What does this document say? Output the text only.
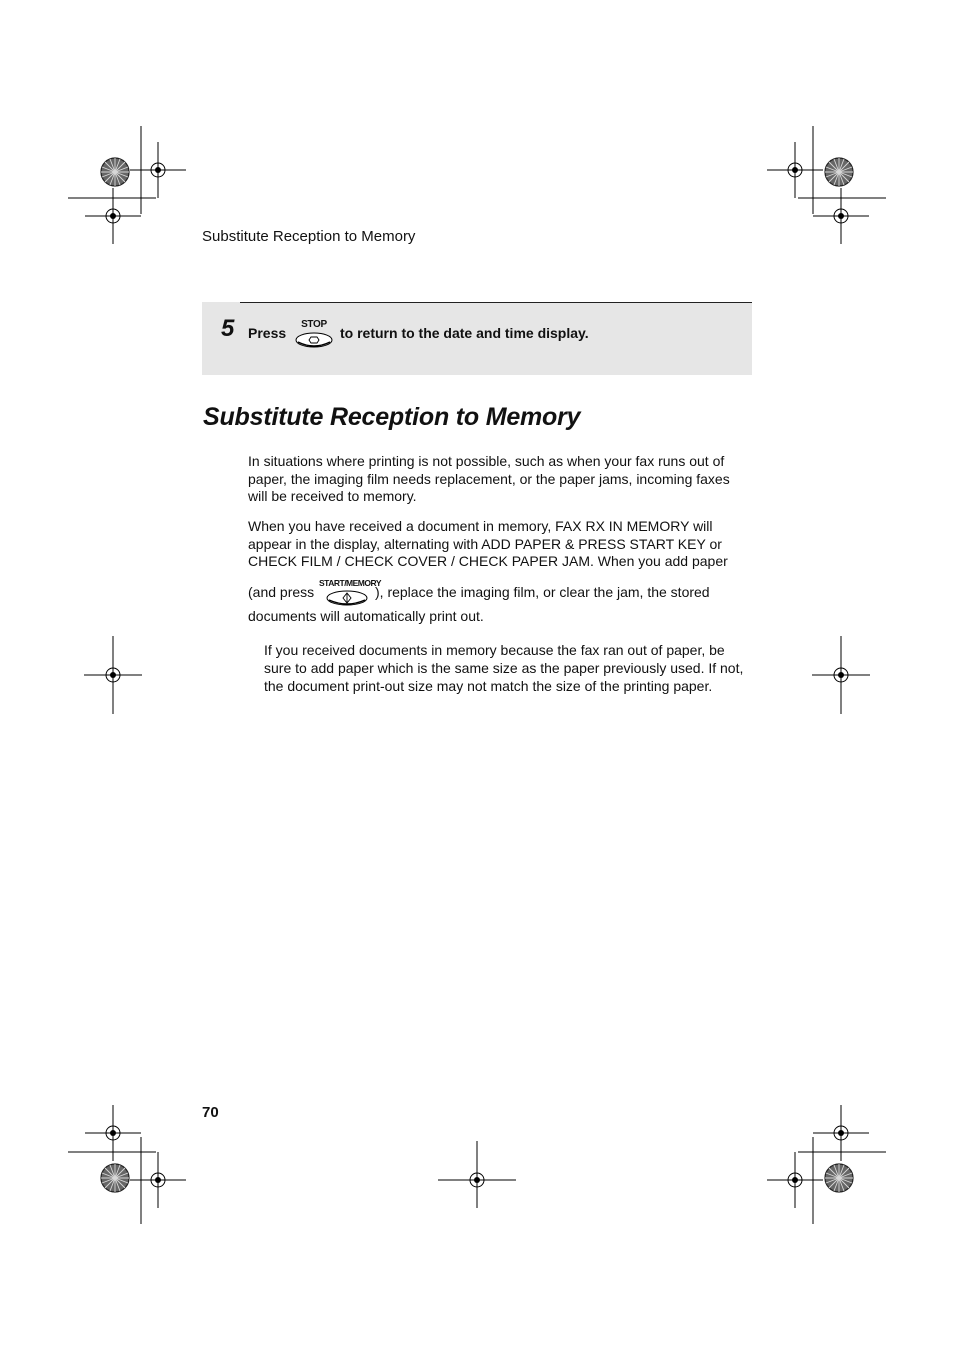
Substitute Reception to Memory
5 Press
STOP
to return to the date and time display.
Substitute Reception to Memory
In situations where printing is not possible, such as when your fax runs out of paper, the imaging film needs replacement, or the paper jams, incoming faxes will be received to memory.
When you have received a document in memory, FAX RX IN MEMORY will appear in the display, alternating with ADD PAPER & PRESS START KEY or CHECK FILM / CHECK COVER / CHECK PAPER JAM. When you add paper
(and press
START/MEMORY
), replace the imaging film, or clear the jam, the stored
documents will automatically print out.
If you received documents in memory because the fax ran out of paper, be sure to add paper which is the same size as the paper previously used. If not, the document print-out size may not match the size of the printing paper.
70
